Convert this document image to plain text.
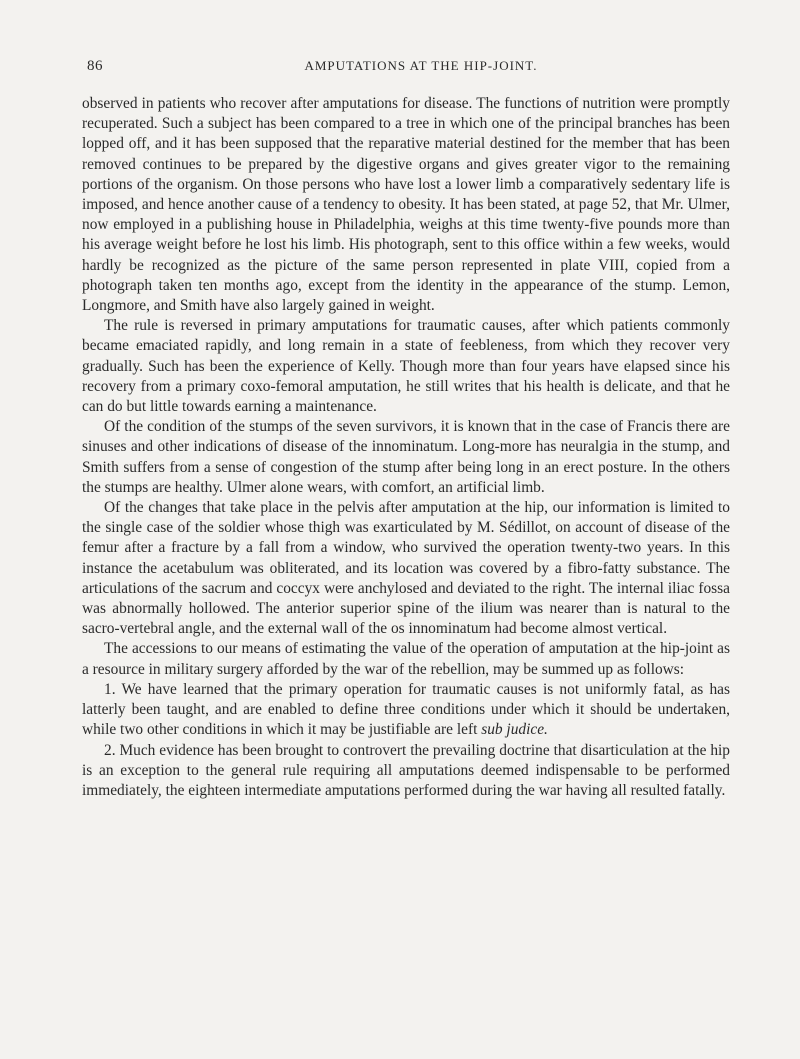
86	AMPUTATIONS AT THE HIP-JOINT.

observed in patients who recover after amputations for disease. The functions of nutrition were promptly recuperated. Such a subject has been compared to a tree in which one of the principal branches has been lopped off, and it has been supposed that the reparative material destined for the member that has been removed continues to be prepared by the digestive organs and gives greater vigor to the remaining portions of the organism. On those persons who have lost a lower limb a comparatively sedentary life is imposed, and hence another cause of a tendency to obesity. It has been stated, at page 52, that Mr. Ulmer, now employed in a publishing house in Philadelphia, weighs at this time twenty-five pounds more than his average weight before he lost his limb. His photograph, sent to this office within a few weeks, would hardly be recognized as the picture of the same person represented in plate VIII, copied from a photograph taken ten months ago, except from the identity in the appearance of the stump. Lemon, Longmore, and Smith have also largely gained in weight.

The rule is reversed in primary amputations for traumatic causes, after which patients commonly became emaciated rapidly, and long remain in a state of feebleness, from which they recover very gradually. Such has been the experience of Kelly. Though more than four years have elapsed since his recovery from a primary coxo-femoral amputation, he still writes that his health is delicate, and that he can do but little towards earning a maintenance.

Of the condition of the stumps of the seven survivors, it is known that in the case of Francis there are sinuses and other indications of disease of the innominatum. Long-more has neuralgia in the stump, and Smith suffers from a sense of congestion of the stump after being long in an erect posture. In the others the stumps are healthy. Ulmer alone wears, with comfort, an artificial limb.

Of the changes that take place in the pelvis after amputation at the hip, our information is limited to the single case of the soldier whose thigh was exarticulated by M. Sédillot, on account of disease of the femur after a fracture by a fall from a window, who survived the operation twenty-two years. In this instance the acetabulum was obliterated, and its location was covered by a fibro-fatty substance. The articulations of the sacrum and coccyx were anchylosed and deviated to the right. The internal iliac fossa was abnormally hollowed. The anterior superior spine of the ilium was nearer than is natural to the sacro-vertebral angle, and the external wall of the os innominatum had become almost vertical.

The accessions to our means of estimating the value of the operation of amputation at the hip-joint as a resource in military surgery afforded by the war of the rebellion, may be summed up as follows:

1. We have learned that the primary operation for traumatic causes is not uniformly fatal, as has latterly been taught, and are enabled to define three conditions under which it should be undertaken, while two other conditions in which it may be justifiable are left sub judice.

2. Much evidence has been brought to controvert the prevailing doctrine that disarticulation at the hip is an exception to the general rule requiring all amputations deemed indispensable to be performed immediately, the eighteen intermediate amputations performed during the war having all resulted fatally.
